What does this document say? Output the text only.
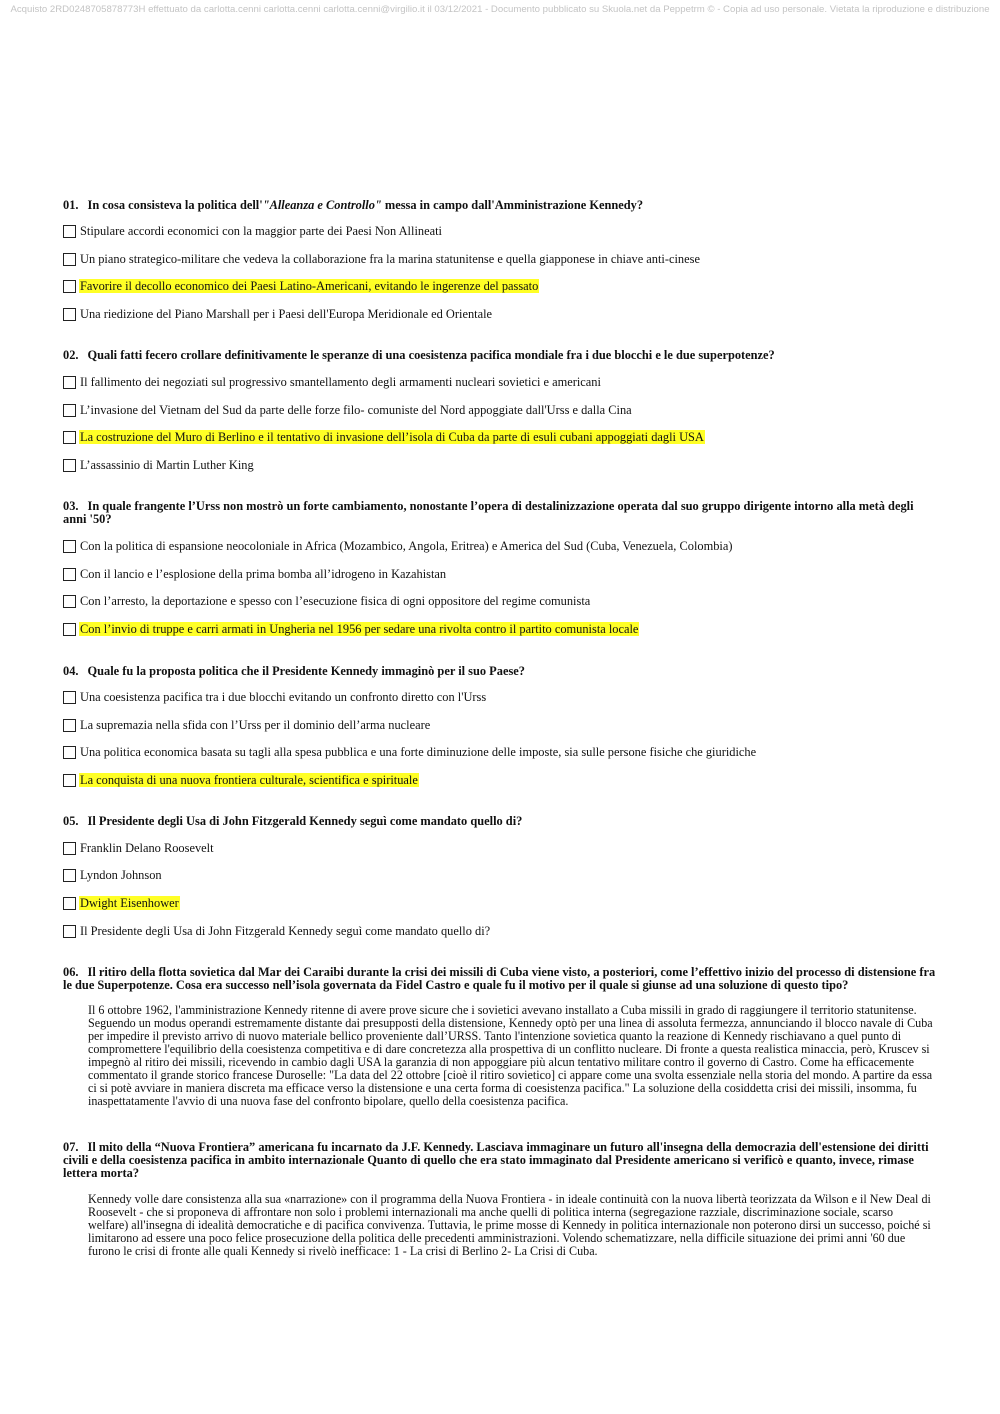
Acquisto 2RD0248705878773H effettuato da carlotta.cenni carlotta.cenni carlotta.cenni@virgilio.it il 03/12/2021 - Documento pubblicato su Skuola.net da Peppetrm © - Copia ad uso personale. Vietata la riproduzione e distribuzione
01. In cosa consisteva la politica dell'"Alleanza e Controllo" messa in campo dall'Amministrazione Kennedy?
Stipulare accordi economici con la maggior parte dei Paesi Non Allineati
Un piano strategico-militare che vedeva la collaborazione fra la marina statunitense e quella giapponese in chiave anti-cinese
Favorire il decollo economico dei Paesi Latino-Americani, evitando le ingerenze del passato
Una riedizione del Piano Marshall per i Paesi dell'Europa Meridionale ed Orientale
02. Quali fatti fecero crollare definitivamente le speranze di una coesistenza pacifica mondiale fra i due blocchi e le due superpotenze?
Il fallimento dei negoziati sul progressivo smantellamento degli armamenti nucleari sovietici e americani
L’invasione del Vietnam del Sud da parte delle forze filo- comuniste del Nord appoggiate dall'Urss e dalla Cina
La costruzione del Muro di Berlino e il tentativo di invasione dell’isola di Cuba da parte di esuli cubani appoggiati dagli USA
L’assassinio di Martin Luther King
03. In quale frangente l’Urss non mostrò un forte cambiamento, nonostante l’opera di destalinizzazione operata dal suo gruppo dirigente intorno alla metà degli anni '50?
Con la politica di espansione neocoloniale in Africa (Mozambico, Angola, Eritrea) e America del Sud (Cuba, Venezuela, Colombia)
Con il lancio e l’esplosione della prima bomba all’idrogeno in Kazahistan
Con l’arresto, la deportazione e spesso con l’esecuzione fisica di ogni oppositore del regime comunista
Con l’invio di truppe e carri armati in Ungheria nel 1956 per sedare una rivolta contro il partito comunista locale
04. Quale fu la proposta politica che il Presidente Kennedy immaginò per il suo Paese?
Una coesistenza pacifica tra i due blocchi evitando un confronto diretto con l'Urss
La supremazia nella sfida con l’Urss per il dominio dell’arma nucleare
Una politica economica basata su tagli alla spesa pubblica e una forte diminuzione delle imposte, sia sulle persone fisiche che giuridiche
La conquista di una nuova frontiera culturale, scientifica e spirituale
05. Il Presidente degli Usa di John Fitzgerald Kennedy seguì come mandato quello di?
Franklin Delano Roosevelt
Lyndon Johnson
Dwight Eisenhower
Il Presidente degli Usa di John Fitzgerald Kennedy seguì come mandato quello di?
06. Il ritiro della flotta sovietica dal Mar dei Caraibi durante la crisi dei missili di Cuba viene visto, a posteriori, come l’effettivo inizio del processo di distensione fra le due Superpotenze. Cosa era successo nell’isola governata da Fidel Castro e quale fu il motivo per il quale si giunse ad una soluzione di questo tipo?
Il 6 ottobre 1962, l'amministrazione Kennedy ritenne di avere prove sicure che i sovietici avevano installato a Cuba missili in grado di raggiungere il territorio statunitense. Seguendo un modus operandi estremamente distante dai presupposti della distensione, Kennedy optò per una linea di assoluta fermezza, annunciando il blocco navale di Cuba per impedire il previsto arrivo di nuovo materiale bellico proveniente dall’URSS. Tanto l'intenzione sovietica quanto la reazione di Kennedy rischiavano a quel punto di compromettere l'equilibrio della coesistenza competitiva e di dare concretezza alla prospettiva di un conflitto nucleare. Di fronte a questa realistica minaccia, però, Kruscev si impegnò al ritiro dei missili, ricevendo in cambio dagli USA la garanzia di non appoggiare più alcun tentativo militare contro il governo di Castro. Come ha efficacemente commentato il grande storico francese Duroselle: "La data del 22 ottobre [cioè il ritiro sovietico] ci appare come una svolta essenziale nella storia del mondo. A partire da essa ci si potè avviare in maniera discreta ma efficace verso la distensione e una certa forma di coesistenza pacifica." La soluzione della cosiddetta crisi dei missili, insomma, fu inaspettatamente l'avvio di una nuova fase del confronto bipolare, quello della coesistenza pacifica.
07. Il mito della “Nuova Frontiera” americana fu incarnato da J.F. Kennedy. Lasciava immaginare un futuro all'insegna della democrazia dell'estensione dei diritti civili e della coesistenza pacifica in ambito internazionale Quanto di quello che era stato immaginato dal Presidente americano si verificò e quanto, invece, rimase lettera morta?
Kennedy volle dare consistenza alla sua «narrazione» con il programma della Nuova Frontiera - in ideale continuità con la nuova libertà teorizzata da Wilson e il New Deal di Roosevelt - che si proponeva di affrontare non solo i problemi internazionali ma anche quelli di politica interna (segregazione razziale, discriminazione sociale, scarso welfare) all'insegna di idealità democratiche e di pacifica convivenza. Tuttavia, le prime mosse di Kennedy in politica internazionale non poterono dirsi un successo, poiché si limitarono ad essere una poco felice prosecuzione della politica delle precedenti amministrazioni. Volendo schematizzare, nella difficile situazione dei primi anni '60 due furono le crisi di fronte alle quali Kennedy si rivelò inefficace: 1 - La crisi di Berlino 2- La Crisi di Cuba.
